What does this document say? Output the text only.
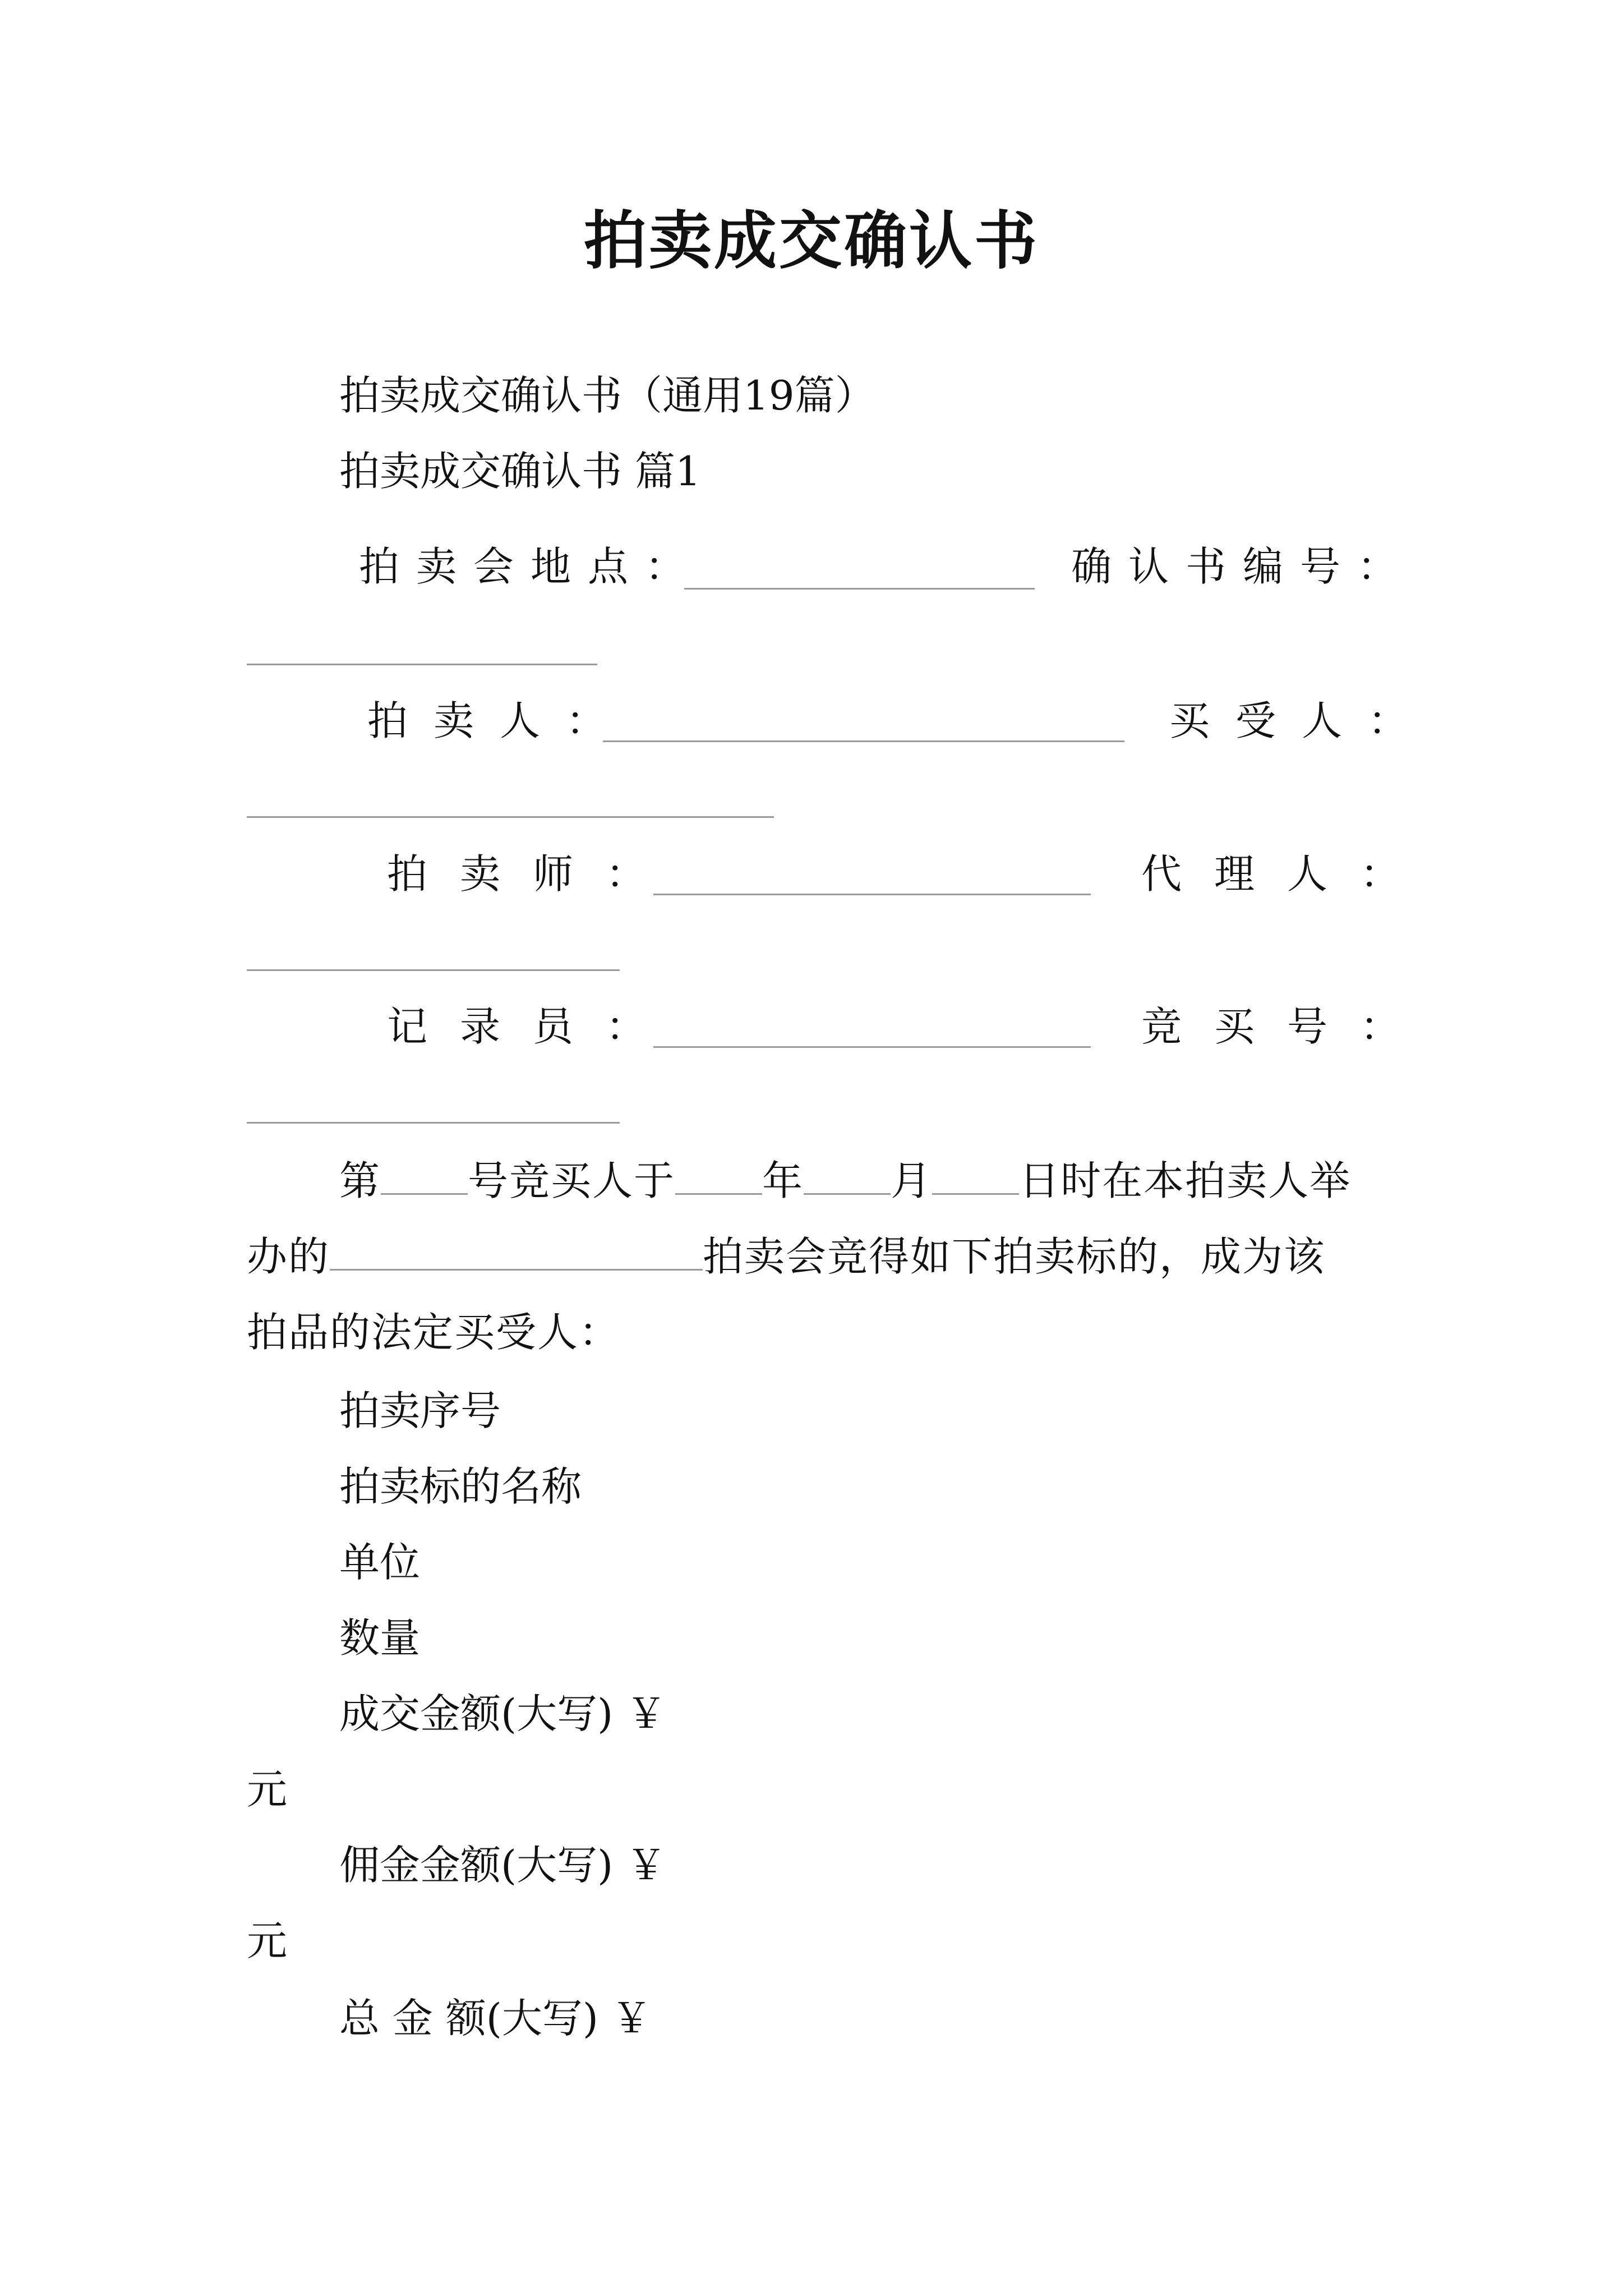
拍卖成交确认书
拍卖成交确认书（通用19篇）
拍卖成交确认书 篇1
拍卖会地点：	确认书编号：
拍卖人：	买受人：
拍卖师：	代理人：
记录员：	竞买号：
第 号竞买人于 年 月 日时在本拍卖人举
办的	拍卖会竞得如下拍卖标的，成为该
拍品的法定买受人：
拍卖序号
拍卖标的名称
单位
数量
成交金额(大写) ￥
元
佣金金额(大写) ￥
元
总 金 额(大写) ￥
